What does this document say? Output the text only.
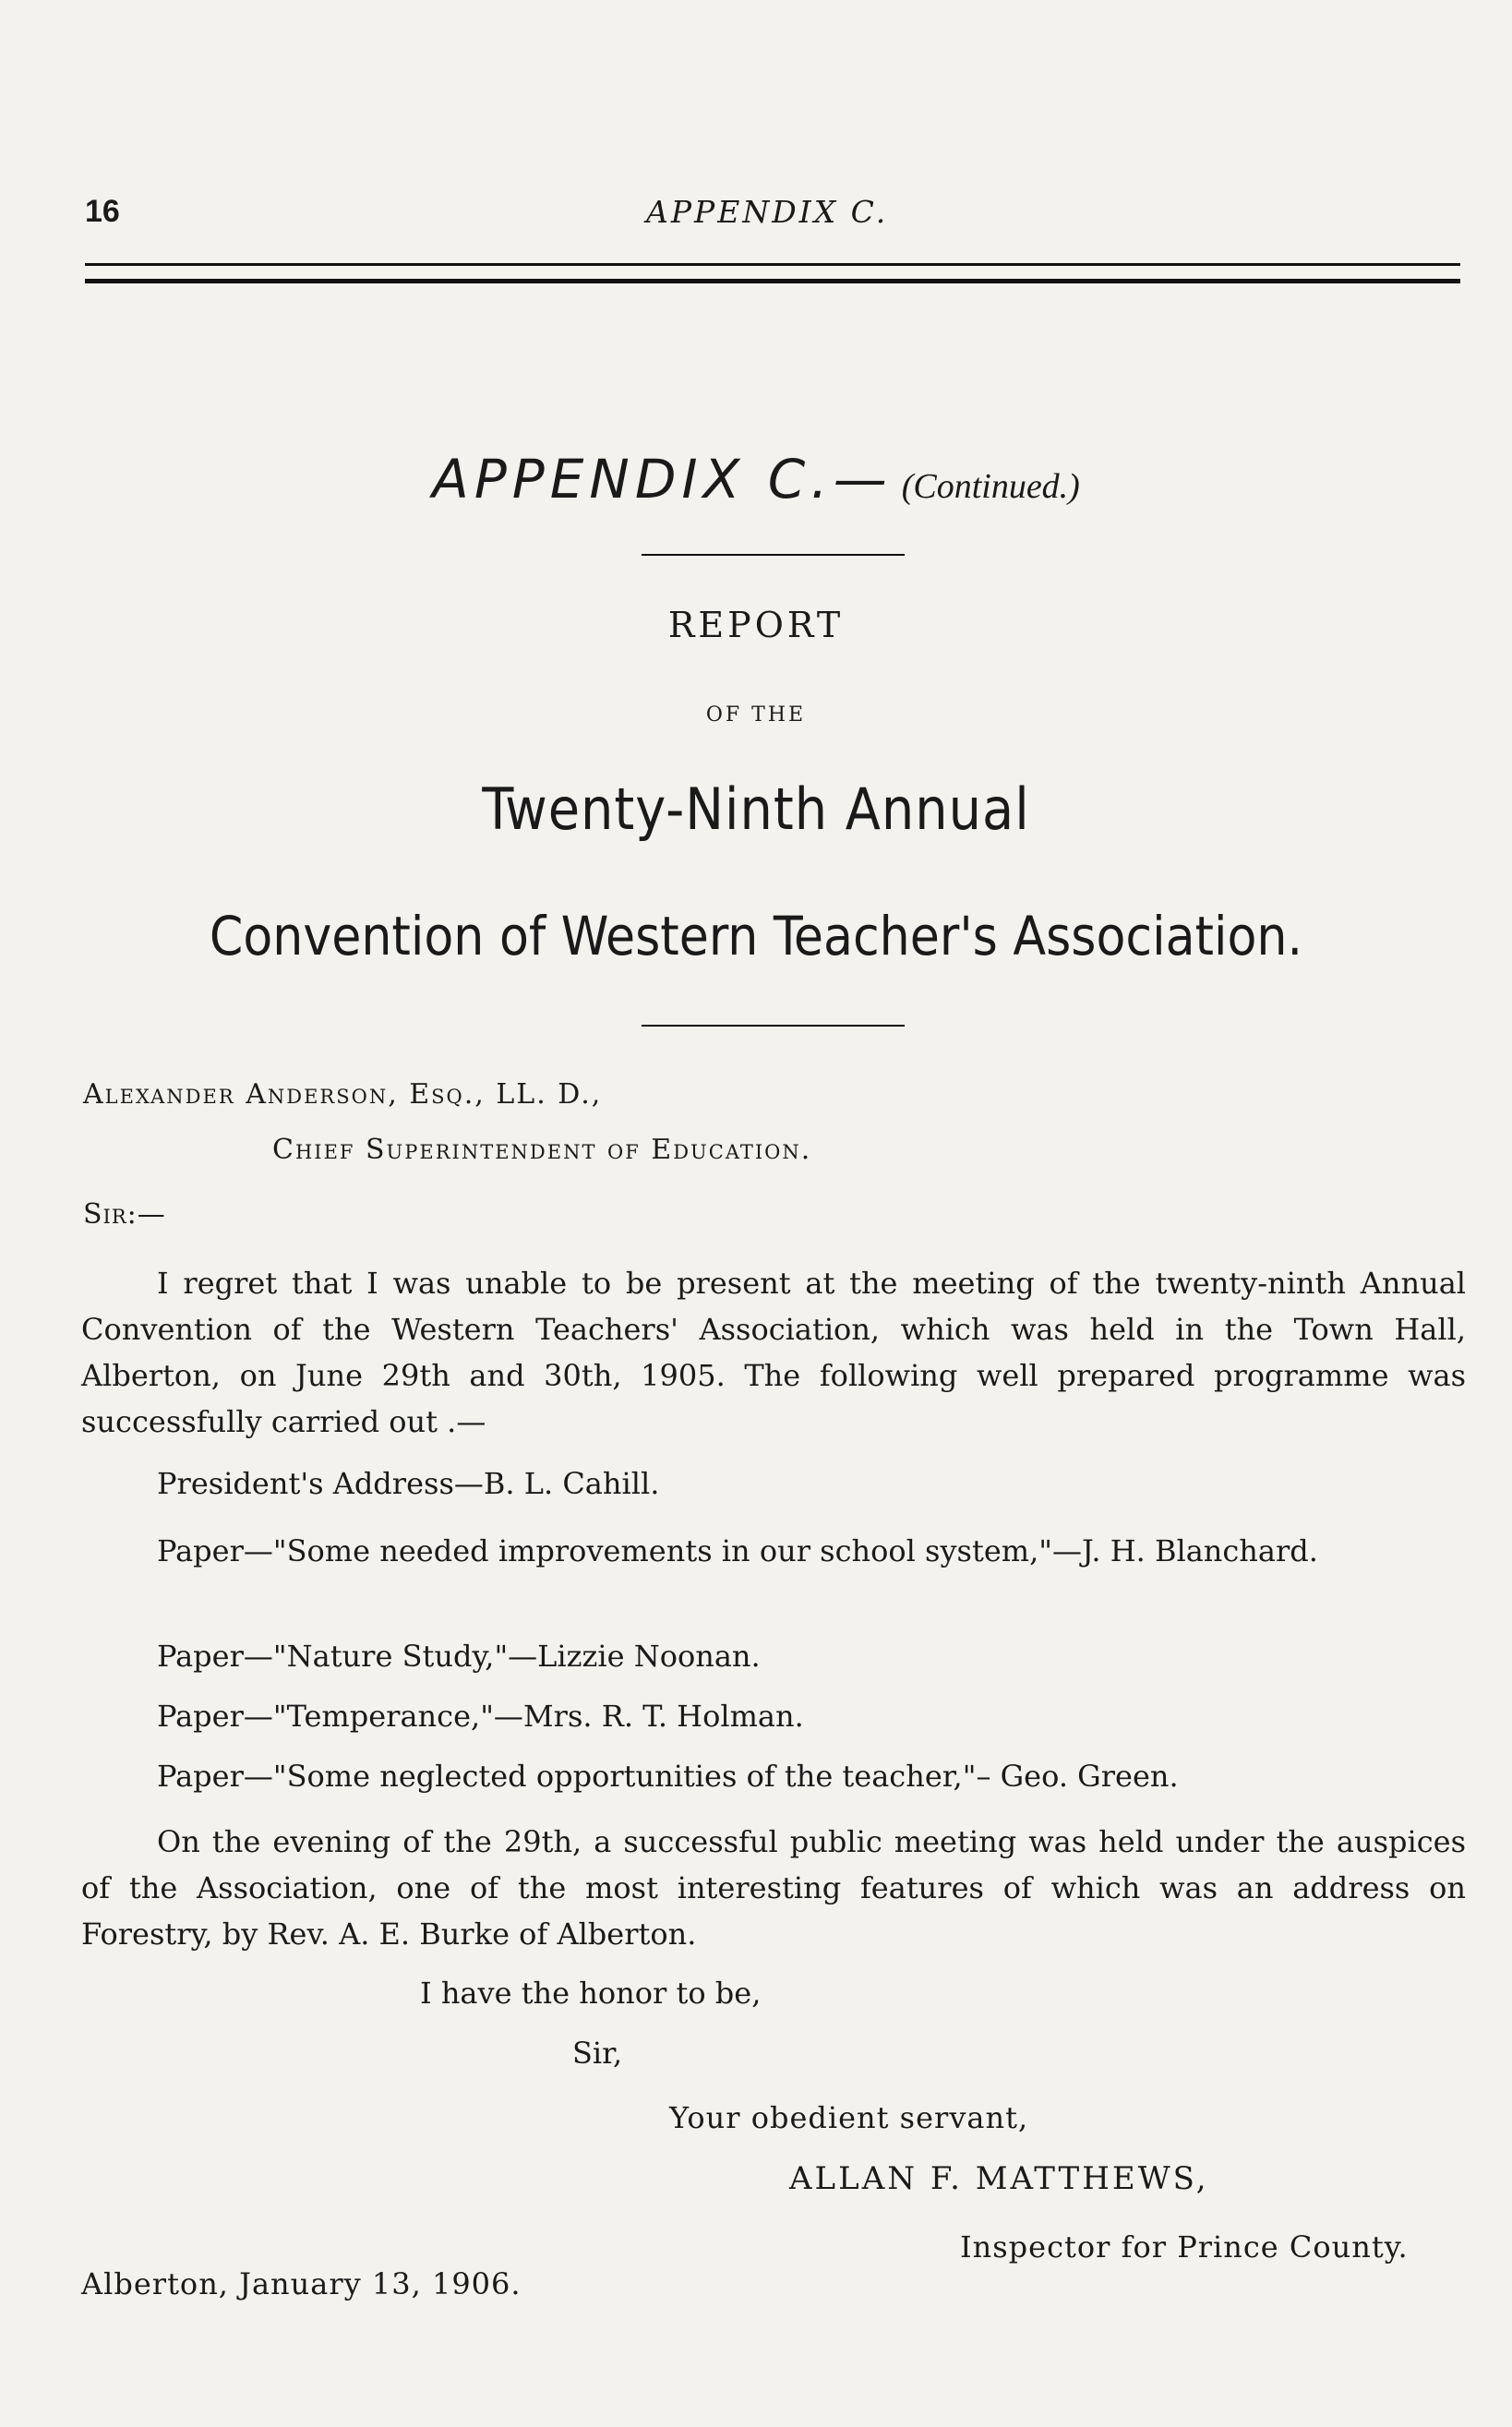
16	APPENDIX C.
APPENDIX C.— (Continued.)
REPORT
OF THE
Twenty-Ninth Annual
Convention of Western Teacher's Association.
Alexander Anderson, Esq., LL. D.,
Chief Superintendent of Education.
Sir:—
I regret that I was unable to be present at the meeting of the twenty-ninth Annual Convention of the Western Teachers' Association, which was held in the Town Hall, Alberton, on June 29th and 30th, 1905. The following well prepared programme was successfully carried out .—
President's Address—B. L. Cahill.
Paper—"Some needed improvements in our school system,"—J. H. Blanchard.
Paper—"Nature Study,"—Lizzie Noonan.
Paper—"Temperance,"—Mrs. R. T. Holman.
Paper—"Some neglected opportunities of the teacher,"– Geo. Green.
On the evening of the 29th, a successful public meeting was held under the auspices of the Association, one of the most interesting features of which was an address on Forestry, by Rev. A. E. Burke of Alberton.
I have the honor to be,
Sir,
Your obedient servant,
ALLAN F. MATTHEWS,
Inspector for Prince County.
Alberton, January 13, 1906.
